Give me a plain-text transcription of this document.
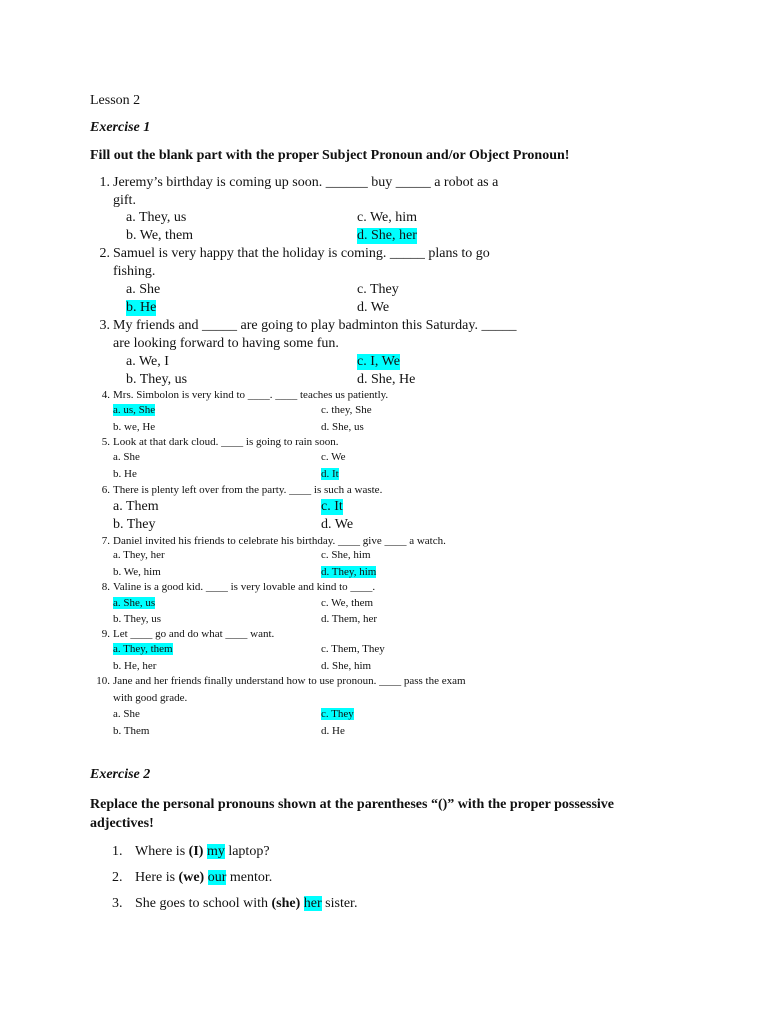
Lesson 2
Exercise 1
Fill out the blank part with the proper Subject Pronoun and/or Object Pronoun!
1. Jeremy’s birthday is coming up soon. ______ buy _____ a robot as a
gift.
a. They, us
b. We, them
c. We, him
d. She, her
2. Samuel is very happy that the holiday is coming. _____ plans to go
fishing.
a. She
b. He
c. They
d. We
3. My friends and _____ are going to play badminton this Saturday. _____
are looking forward to having some fun.
a. We, I
b. They, us
c. I, We
d. She, He
4. Mrs. Simbolon is very kind to ____. ____ teaches us patiently.
a. us, She
b. we, He
c. they, She
d. She, us
5. Look at that dark cloud. ____ is going to rain soon.
a. She
b. He
c. We
d. It
6. There is plenty left over from the party. ____ is such a waste.
a. Them
b. They
c. It
d. We
7. Daniel invited his friends to celebrate his birthday. ____ give ____ a watch.
a. They, her
b. We, him
c. She, him
d. They, him
8. Valine is a good kid. ____ is very lovable and kind to ____.
a. She, us
b. They, us
c. We, them
d. Them, her
9. Let ____ go and do what ____ want.
a. They, them
b. He, her
c. Them, They
d. She, him
10. Jane and her friends finally understand how to use pronoun. ____ pass the exam
with good grade.
a. She
b. Them
c. They
d. He
Exercise 2
Replace the personal pronouns shown at the parentheses “()” with the proper possessive
adjectives!
1. Where is (I) my laptop?
2. Here is (we) our mentor.
3. She goes to school with (she) her sister.
